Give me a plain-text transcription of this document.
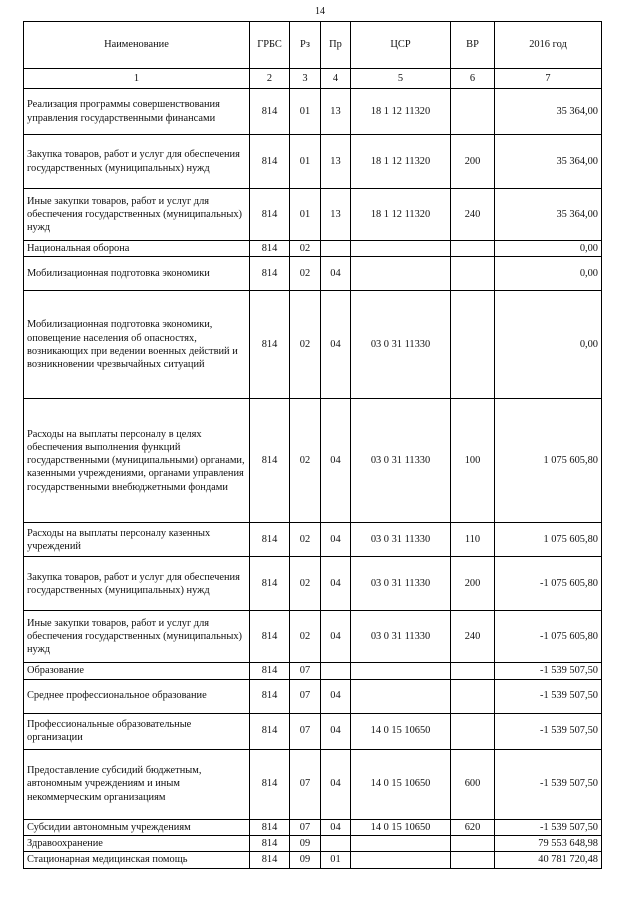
14
Наименование	ГРБС	Рз	Пр	ЦСР	ВР	2016 год
1	2	3	4	5	6	7
Реализация программы совершенствования управления государственными финансами	814	01	13	18 1 12 11320		35 364,00
Закупка товаров, работ и услуг для обеспечения государственных (муниципальных) нужд	814	01	13	18 1 12 11320	200	35 364,00
Иные закупки товаров, работ и услуг для обеспечения государственных (муниципальных) нужд	814	01	13	18 1 12 11320	240	35 364,00
Национальная оборона	814	02				0,00
Мобилизационная подготовка экономики	814	02	04			0,00
Мобилизационная подготовка экономики, оповещение населения об опасностях, возникающих при ведении военных действий и возникновении чрезвычайных ситуаций	814	02	04	03 0 31 11330		0,00
Расходы на выплаты персоналу в целях обеспечения выполнения функций государственными (муниципальными) органами, казенными учреждениями, органами управления государственными внебюджетными фондами	814	02	04	03 0 31 11330	100	1 075 605,80
Расходы на выплаты персоналу казенных учреждений	814	02	04	03 0 31 11330	110	1 075 605,80
Закупка товаров, работ и услуг для обеспечения государственных (муниципальных) нужд	814	02	04	03 0 31 11330	200	-1 075 605,80
Иные закупки товаров, работ и услуг для обеспечения государственных (муниципальных) нужд	814	02	04	03 0 31 11330	240	-1 075 605,80
Образование	814	07				-1 539 507,50
Среднее профессиональное образование	814	07	04			-1 539 507,50
Профессиональные образовательные организации	814	07	04	14 0 15 10650		-1 539 507,50
Предоставление субсидий бюджетным, автономным учреждениям и иным некоммерческим организациям	814	07	04	14 0 15 10650	600	-1 539 507,50
Субсидии автономным учреждениям	814	07	04	14 0 15 10650	620	-1 539 507,50
Здравоохранение	814	09				79 553 648,98
Стационарная медицинская помощь	814	09	01			40 781 720,48
